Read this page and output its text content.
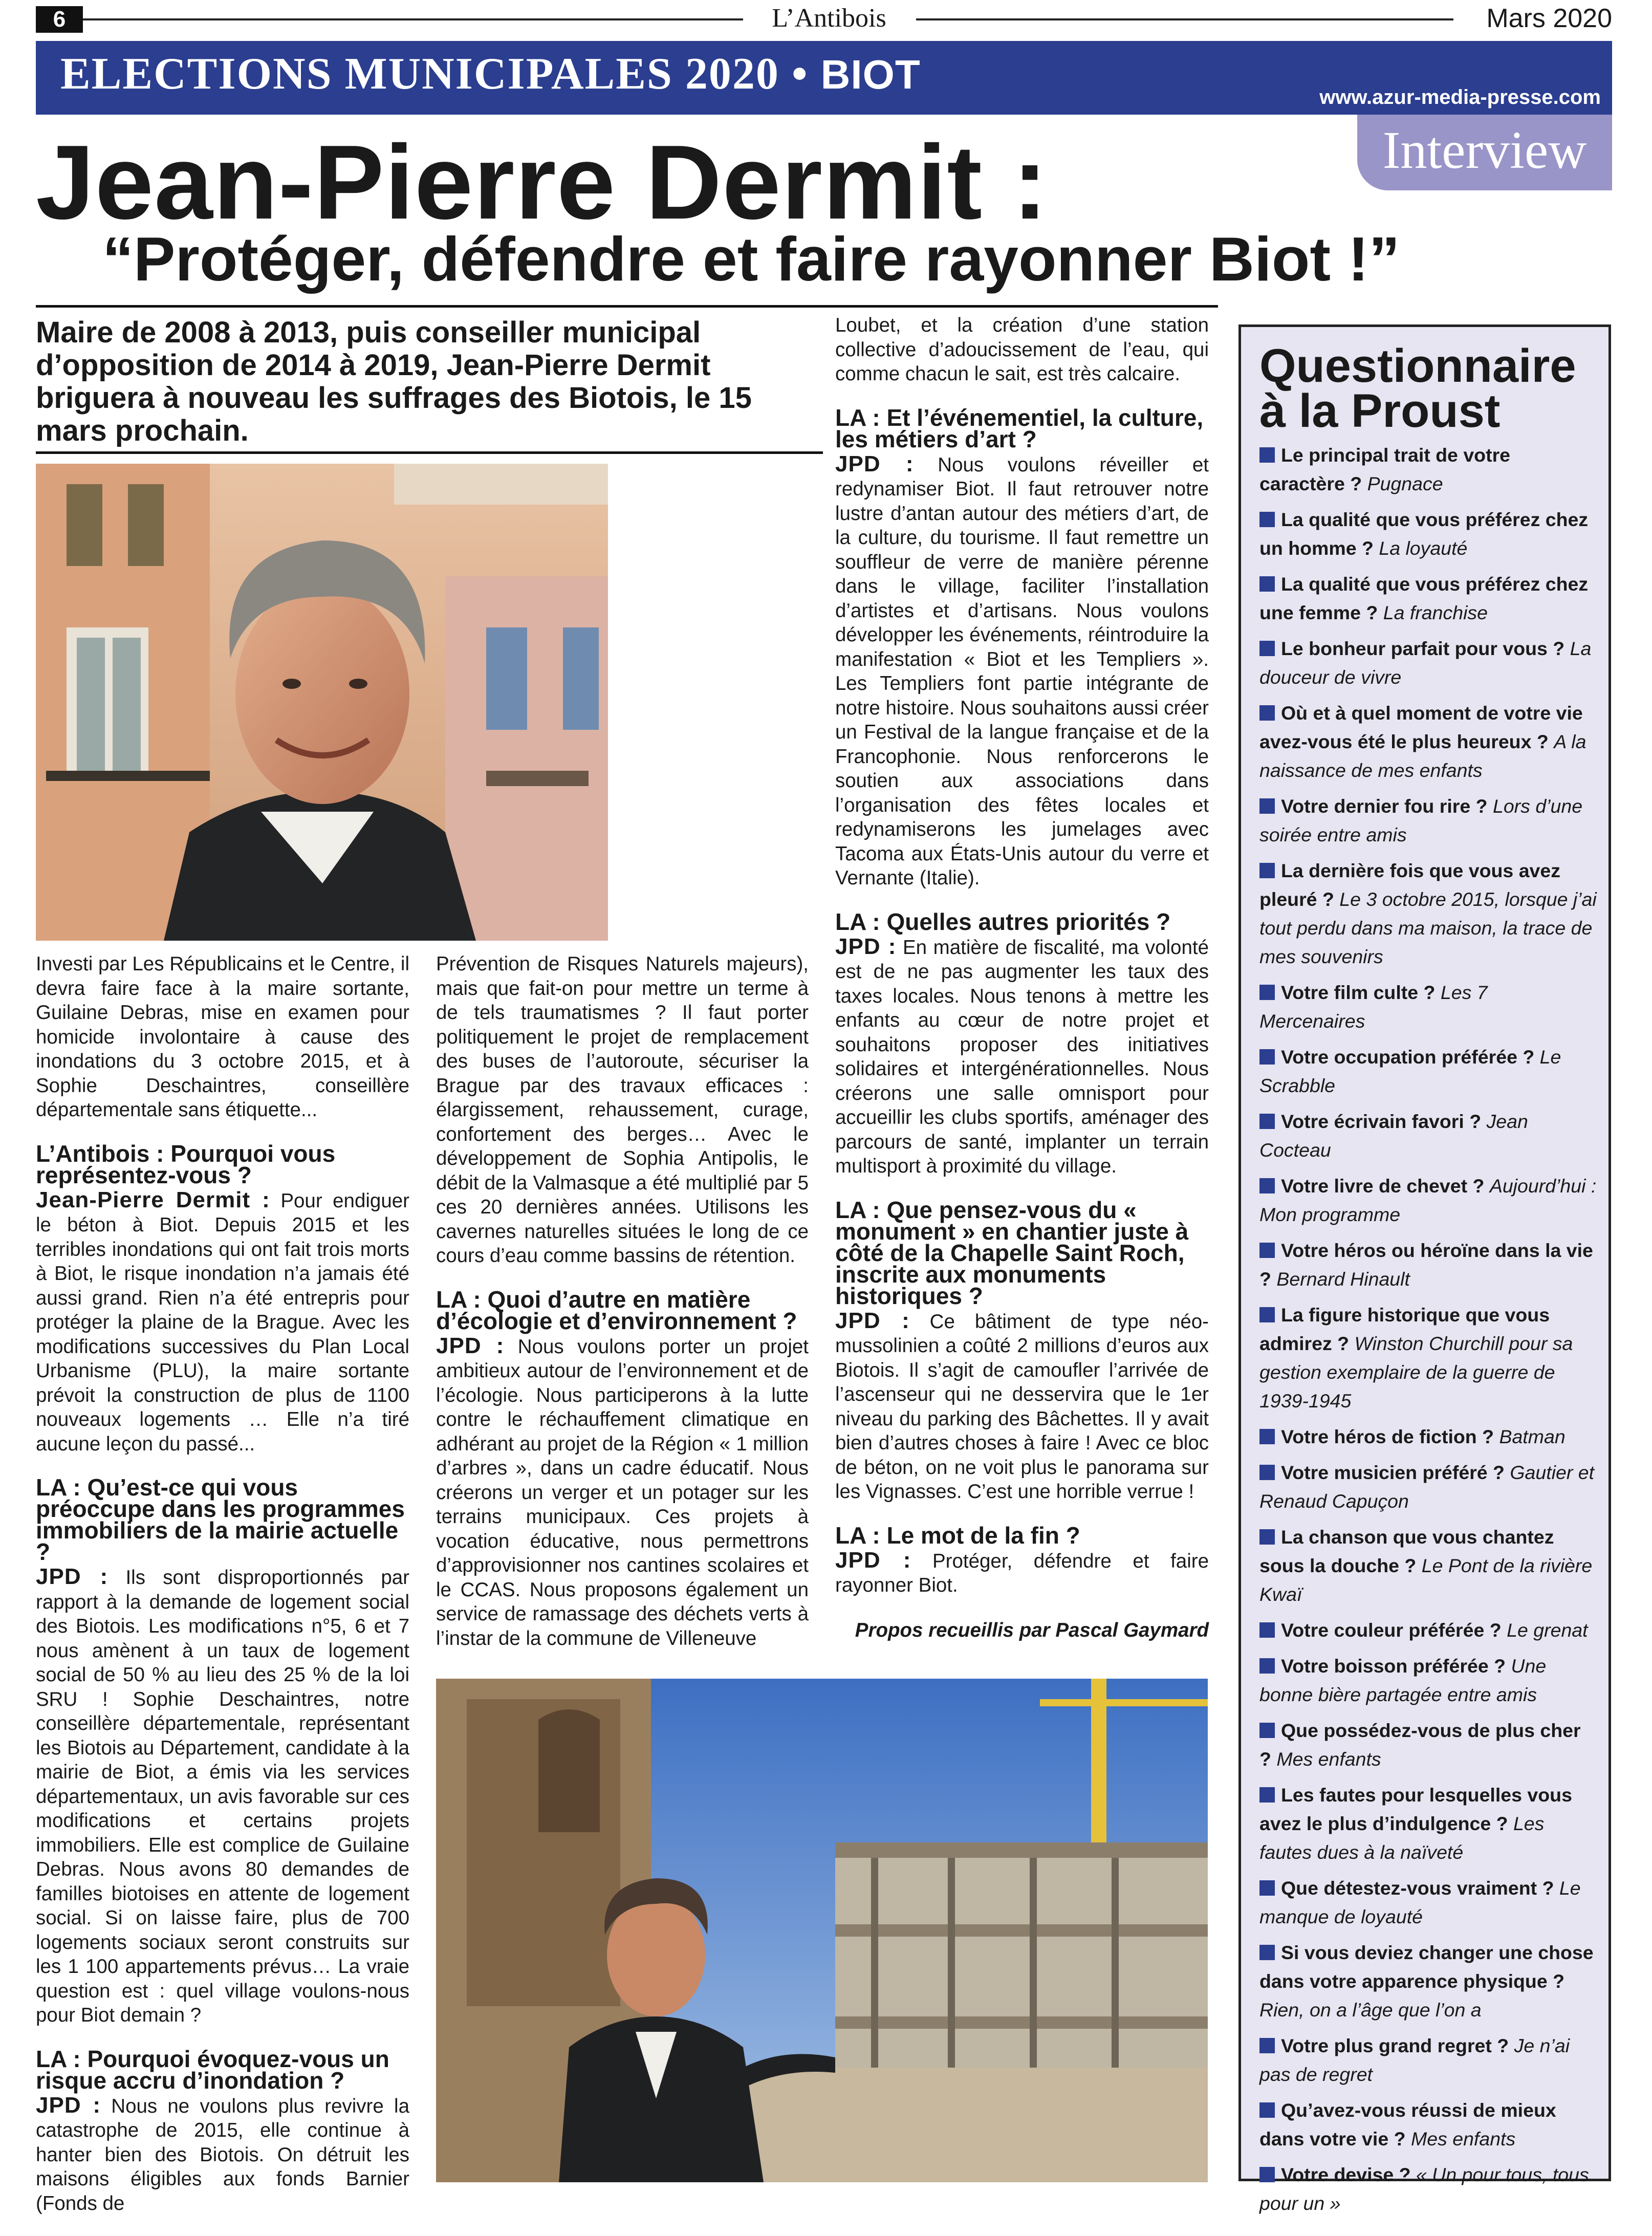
6	L’Antibois	Mars 2020
ELECTIONS MUNICIPALES 2020 • BIOT	www.azur-media-presse.com
Interview
Jean-Pierre Dermit :
“Protéger, défendre et faire rayonner Biot !”
Maire de 2008 à 2013, puis conseiller municipal d’opposition de 2014 à 2019, Jean-Pierre Dermit briguera à nouveau les suffrages des Biotois, le 15 mars prochain.

Investi par Les Républicains et le Centre, il devra faire face à la maire sortante, Guilaine Debras, mise en examen pour homicide involontaire à cause des inondations du 3 octobre 2015, et à Sophie Deschaintres, conseillère départementale sans étiquette...

L’Antibois : Pourquoi vous représentez-vous ?

Jean-Pierre Dermit : Pour endiguer le béton à Biot. Depuis 2015 et les terribles inondations qui ont fait trois morts à Biot, le risque inondation n’a jamais été aussi grand. Rien n’a été entrepris pour protéger la plaine de la Brague. Avec les modifications successives du Plan Local Urbanisme (PLU), la maire sortante prévoit la construction de plus de 1100 nouveaux logements … Elle n’a tiré aucune leçon du passé...

LA : Qu’est-ce qui vous préoccupe dans les programmes immobiliers de la mairie actuelle ?

JPD : Ils sont disproportionnés par rapport à la demande de logement social des Biotois. Les modifications n°5, 6 et 7 nous amènent à un taux de logement social de 50 % au lieu des 25 % de la loi SRU ! Sophie Deschaintres, notre conseillère départementale, représentant les Biotois au Département, candidate à la mairie de Biot, a émis via les services départementaux, un avis favorable sur ces modifications et certains projets immobiliers. Elle est complice de Guilaine Debras. Nous avons 80 demandes de familles biotoises en attente de logement social. Si on laisse faire, plus de 700 logements sociaux seront construits sur les 1 100 appartements prévus… La vraie question est : quel village voulons-nous pour Biot demain ?

LA : Pourquoi évoquez-vous un risque accru d’inondation ?

JPD : Nous ne voulons plus revivre la catastrophe de 2015, elle continue à hanter bien des Biotois. On détruit les maisons éligibles aux fonds Barnier (Fonds de

Prévention de Risques Naturels majeurs), mais que fait-on pour mettre un terme à de tels traumatismes ? Il faut porter politiquement le projet de remplacement des buses de l’autoroute, sécuriser la Brague par des travaux efficaces : élargissement, rehaussement, curage, confortement des berges… Avec le développement de Sophia Antipolis, le débit de la Valmasque a été multiplié par 5 ces 20 dernières années. Utilisons les cavernes naturelles situées le long de ce cours d’eau comme bassins de rétention.

LA : Quoi d’autre en matière d’écologie et d’environnement ?

JPD : Nous voulons porter un projet ambitieux autour de l’environnement et de l’écologie. Nous participerons à la lutte contre le réchauffement climatique en adhérant au projet de la Région « 1 million d’arbres », dans un cadre éducatif. Nous créerons un verger et un potager sur les terrains municipaux. Ces projets à vocation éducative, nous permettrons d’approvisionner nos cantines scolaires et le CCAS. Nous proposons également un service de ramassage des déchets verts à l’instar de la commune de Villeneuve

Loubet, et la création d’une station collective d’adoucissement de l’eau, qui comme chacun le sait, est très calcaire.

LA : Et l’événementiel, la culture, les métiers d’art ?

JPD : Nous voulons réveiller et redynamiser Biot. Il faut retrouver notre lustre d’antan autour des métiers d’art, de la culture, du tourisme. Il faut remettre un souffleur de verre de manière pérenne dans le village, faciliter l’installation d’artistes et d’artisans. Nous voulons développer les événements, réintroduire la manifestation « Biot et les Templiers ». Les Templiers font partie intégrante de notre histoire. Nous souhaitons aussi créer un Festival de la langue française et de la Francophonie. Nous renforcerons le soutien aux associations dans l’organisation des fêtes locales et redynamiserons les jumelages avec Tacoma aux États-Unis autour du verre et Vernante (Italie).

LA : Quelles autres priorités ?

JPD : En matière de fiscalité, ma volonté est de ne pas augmenter les taux des taxes locales. Nous tenons à mettre les enfants au cœur de notre projet et souhaitons proposer des initiatives solidaires et intergénérationnelles. Nous créerons une salle omnisport pour accueillir les clubs sportifs, aménager des parcours de santé, implanter un terrain multisport à proximité du village.

LA : Que pensez-vous du « monument » en chantier juste à côté de la Chapelle Saint Roch, inscrite aux monuments historiques ?

JPD : Ce bâtiment de type néo-mussolinien a coûté 2 millions d’euros aux Biotois. Il s’agit de camoufler l’arrivée de l’ascenseur qui ne desservira que le 1er niveau du parking des Bâchettes. Il y avait bien d’autres choses à faire ! Avec ce bloc de béton, on ne voit plus le panorama sur les Vignasses. C’est une horrible verrue !

LA : Le mot de la fin ?

JPD : Protéger, défendre et faire rayonner Biot.

Propos recueillis par Pascal Gaymard

Questionnaire
à la Proust
Le principal trait de votre caractère ? Pugnace
La qualité que vous préférez chez un homme ? La loyauté
La qualité que vous préférez chez une femme ? La franchise
Le bonheur parfait pour vous ? La douceur de vivre
Où et à quel moment de votre vie avez-vous été le plus heureux ? A la naissance de mes enfants
Votre dernier fou rire ? Lors d’une soirée entre amis
La dernière fois que vous avez pleuré ? Le 3 octobre 2015, lorsque j’ai tout perdu dans ma maison, la trace de mes souvenirs
Votre film culte ? Les 7 Mercenaires
Votre occupation préférée ? Le Scrabble
Votre écrivain favori ? Jean Cocteau
Votre livre de chevet ? Aujourd’hui : Mon programme
Votre héros ou héroïne dans la vie ? Bernard Hinault
La figure historique que vous admirez ? Winston Churchill pour sa gestion exemplaire de la guerre de 1939-1945
Votre héros de fiction ? Batman
Votre musicien préféré ? Gautier et Renaud Capuçon
La chanson que vous chantez sous la douche ? Le Pont de la rivière Kwaï
Votre couleur préférée ? Le grenat
Votre boisson préférée ? Une bonne bière partagée entre amis
Que possédez-vous de plus cher ? Mes enfants
Les fautes pour lesquelles vous avez le plus d’indulgence ? Les fautes dues à la naïveté
Que détestez-vous vraiment ? Le manque de loyauté
Si vous deviez changer une chose dans votre apparence physique ? Rien, on a l’âge que l’on a
Votre plus grand regret ? Je n’ai pas de regret
Qu’avez-vous réussi de mieux dans votre vie ? Mes enfants
Votre devise ? « Un pour tous, tous pour un »
